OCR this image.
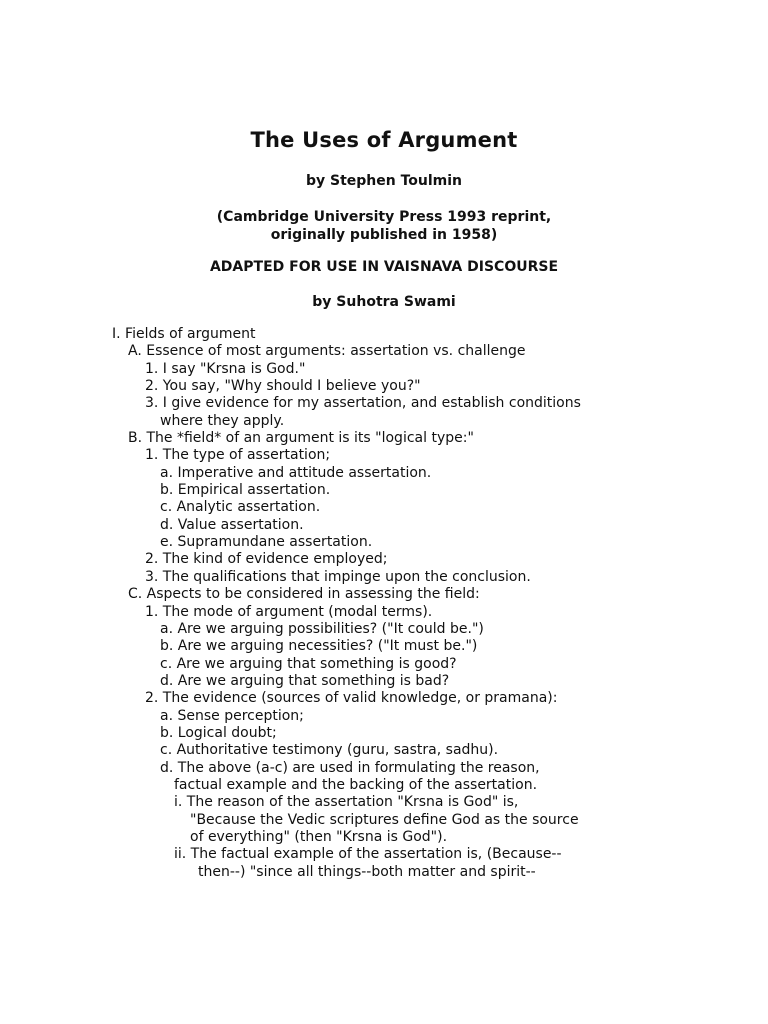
The Uses of Argument
by Stephen Toulmin
(Cambridge University Press 1993 reprint,
originally published in 1958)
ADAPTED FOR USE IN VAISNAVA DISCOURSE
by Suhotra Swami
I. Fields of argument
A. Essence of most arguments: assertation vs. challenge
1. I say "Krsna is God."
2. You say, "Why should I believe you?"
3. I give evidence for my assertation, and establish conditions
where they apply.
B. The *field* of an argument is its "logical type:"
1. The type of assertation;
a. Imperative and attitude assertation.
b. Empirical assertation.
c. Analytic assertation.
d. Value assertation.
e. Supramundane assertation.
2. The kind of evidence employed;
3. The qualifications that impinge upon the conclusion.
C. Aspects to be considered in assessing the field:
1. The mode of argument (modal terms).
a. Are we arguing possibilities? ("It could be.")
b. Are we arguing necessities? ("It must be.")
c. Are we arguing that something is good?
d. Are we arguing that something is bad?
2. The evidence (sources of valid knowledge, or pramana):
a. Sense perception;
b. Logical doubt;
c. Authoritative testimony (guru, sastra, sadhu).
d. The above (a-c) are used in formulating the reason,
factual example and the backing of the assertation.
i. The reason of the assertation "Krsna is God" is,
"Because the Vedic scriptures define God as the source
of everything" (then "Krsna is God").
ii. The factual example of the assertation is, (Because--
then--) "since all things--both matter and spirit--
